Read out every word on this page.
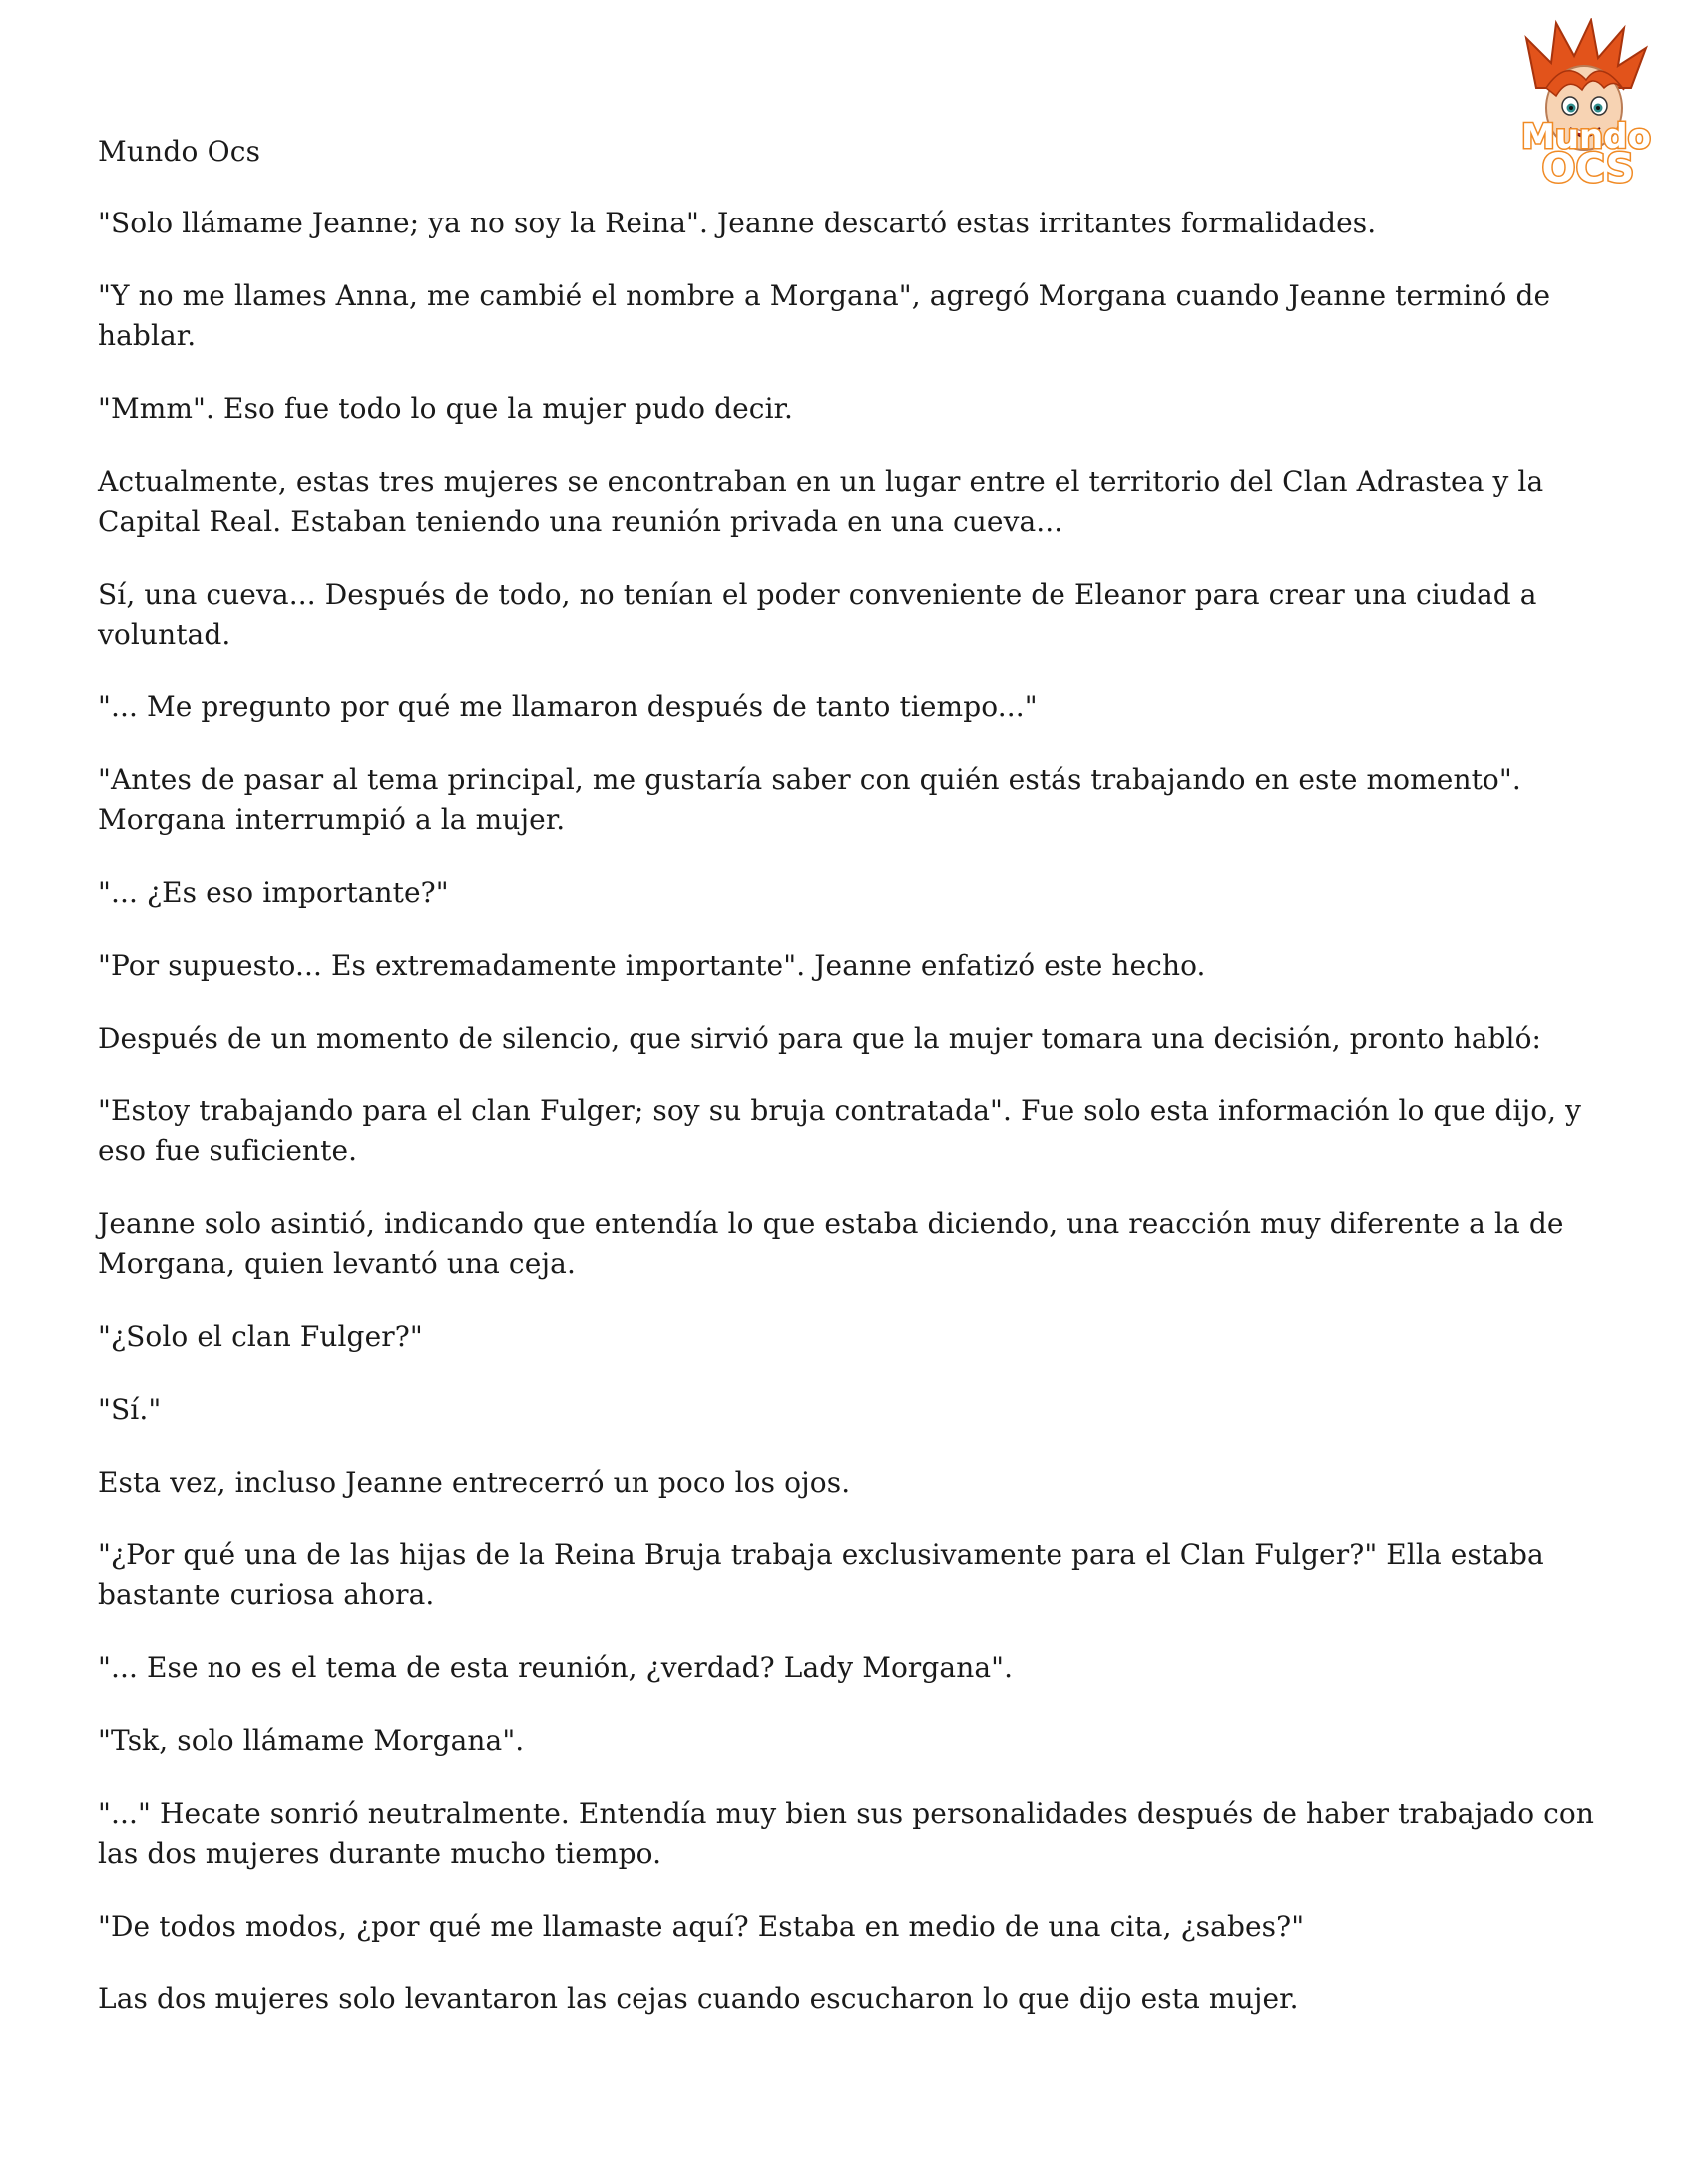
Mundo
OCS

Mundo Ocs

"Solo llámame Jeanne; ya no soy la Reina". Jeanne descartó estas irritantes formalidades.

"Y no me llames Anna, me cambié el nombre a Morgana", agregó Morgana cuando Jeanne terminó de hablar.

"Mmm". Eso fue todo lo que la mujer pudo decir.

Actualmente, estas tres mujeres se encontraban en un lugar entre el territorio del Clan Adrastea y la Capital Real. Estaban teniendo una reunión privada en una cueva...

Sí, una cueva... Después de todo, no tenían el poder conveniente de Eleanor para crear una ciudad a voluntad.

"... Me pregunto por qué me llamaron después de tanto tiempo..."

"Antes de pasar al tema principal, me gustaría saber con quién estás trabajando en este momento". Morgana interrumpió a la mujer.

"... ¿Es eso importante?"

"Por supuesto... Es extremadamente importante". Jeanne enfatizó este hecho.

Después de un momento de silencio, que sirvió para que la mujer tomara una decisión, pronto habló:

"Estoy trabajando para el clan Fulger; soy su bruja contratada". Fue solo esta información lo que dijo, y eso fue suficiente.

Jeanne solo asintió, indicando que entendía lo que estaba diciendo, una reacción muy diferente a la de Morgana, quien levantó una ceja.

"¿Solo el clan Fulger?"

"Sí."

Esta vez, incluso Jeanne entrecerró un poco los ojos.

"¿Por qué una de las hijas de la Reina Bruja trabaja exclusivamente para el Clan Fulger?" Ella estaba bastante curiosa ahora.

"... Ese no es el tema de esta reunión, ¿verdad? Lady Morgana".

"Tsk, solo llámame Morgana".

"..." Hecate sonrió neutralmente. Entendía muy bien sus personalidades después de haber trabajado con las dos mujeres durante mucho tiempo.

"De todos modos, ¿por qué me llamaste aquí? Estaba en medio de una cita, ¿sabes?"

Las dos mujeres solo levantaron las cejas cuando escucharon lo que dijo esta mujer.
